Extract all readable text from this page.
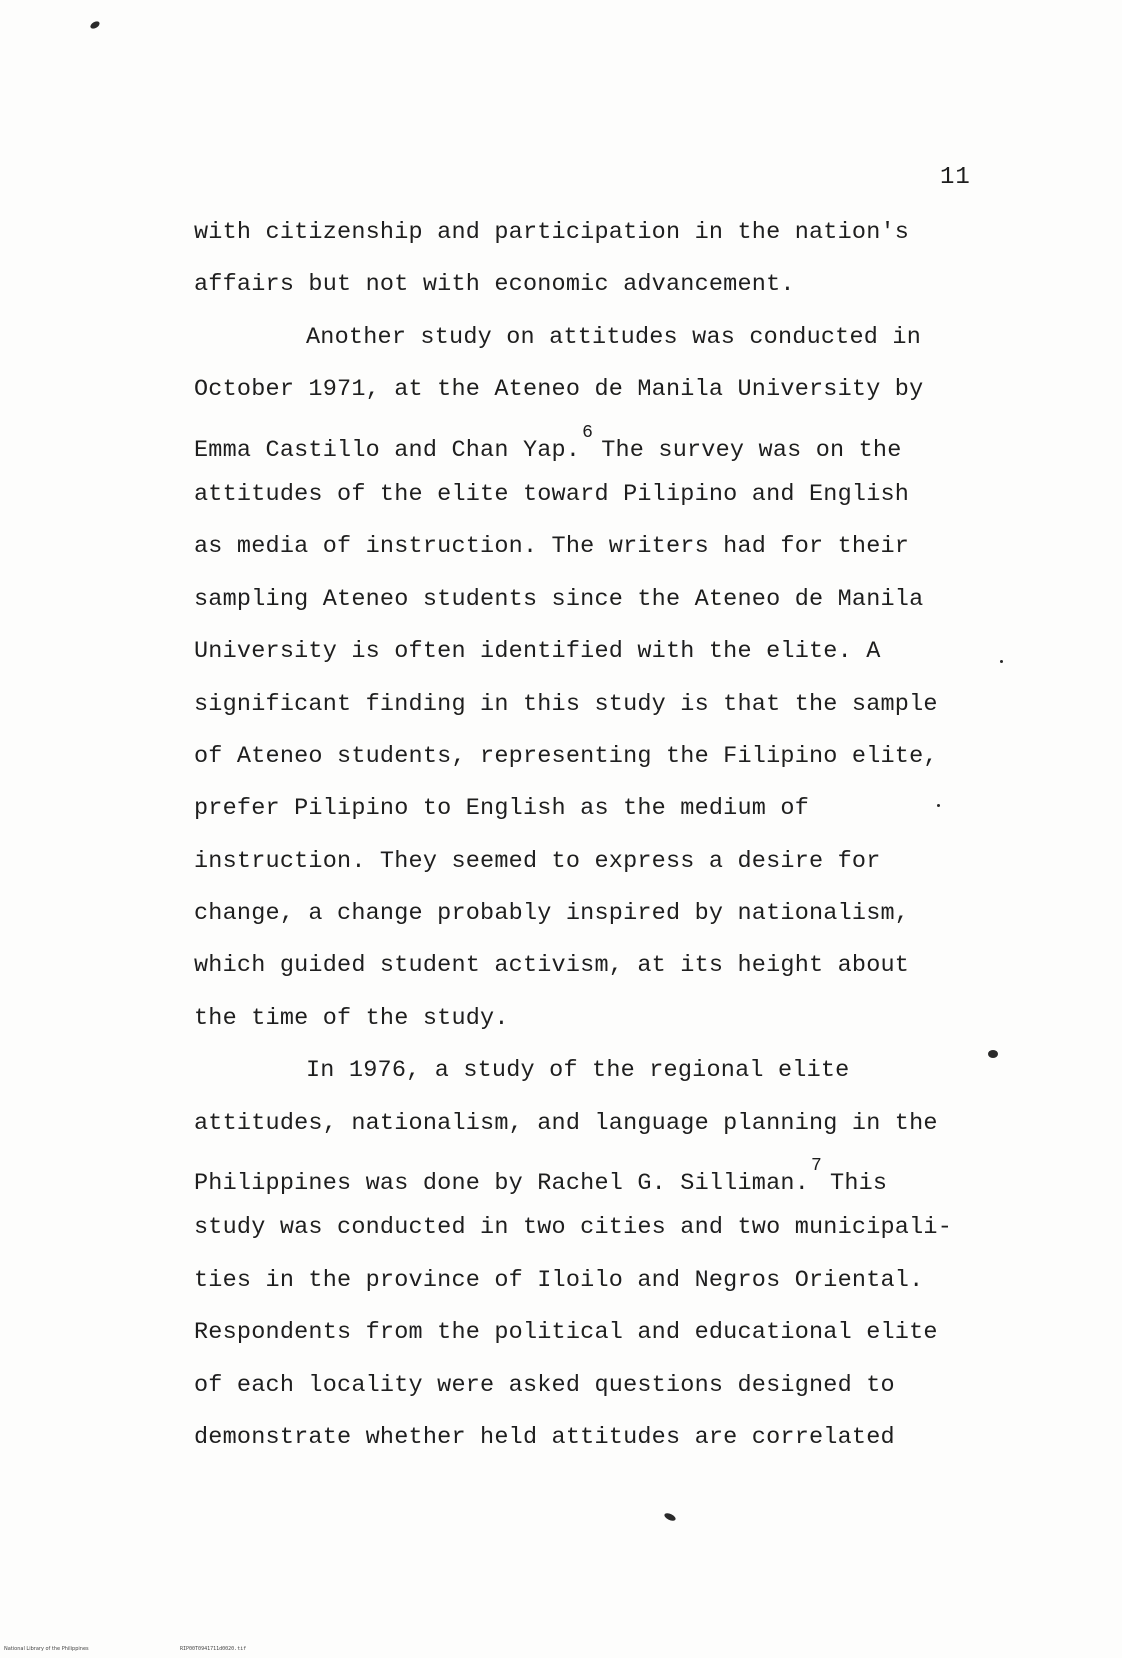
11
with citizenship and participation in the nation's
affairs but not with economic advancement.
Another study on attitudes was conducted in
October 1971, at the Ateneo de Manila University by
Emma Castillo and Chan Yap.$^6$The survey was on the
attitudes of the elite toward Pilipino and English
as media of instruction. The writers had for their
sampling Ateneo students since the Ateneo de Manila
University is often identified with the elite. A
significant finding in this study is that the sample
of Ateneo students, representing the Filipino elite,
prefer Pilipino to English as the medium of
instruction. They seemed to express a desire for
change, a change probably inspired by nationalism,
which guided student activism, at its height about
the time of the study.
In 1976, a study of the regional elite
attitudes, nationalism, and language planning in the
Philippines was done by Rachel G. Silliman.$^7$This
study was conducted in two cities and two municipali-
ties in the province of Iloilo and Negros Oriental.
Respondents from the political and educational elite
of each locality were asked questions designed to
demonstrate whether held attitudes are correlated
National Library of the Philippines	RIP00T0941711d0020.tif
